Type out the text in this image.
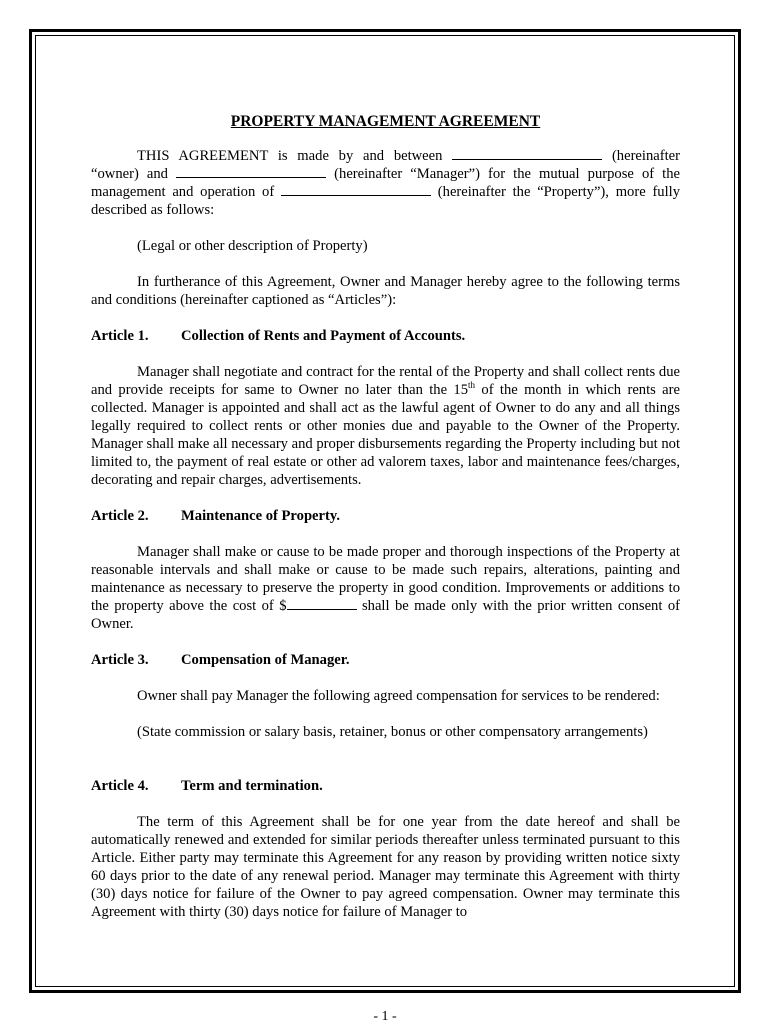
PROPERTY MANAGEMENT AGREEMENT

THIS AGREEMENT is made by and between	(hereinafter “owner) and	(hereinafter “Manager”) for the mutual purpose of the management and operation of	(hereinafter the “Property”), more fully described as follows:

(Legal or other description of Property)

In furtherance of this Agreement, Owner and Manager hereby agree to the following terms and conditions (hereinafter captioned as “Articles”):

Article 1. Collection of Rents and Payment of Accounts.

Manager shall negotiate and contract for the rental of the Property and shall collect rents due and provide receipts for same to Owner no later than the 15th of the month in which rents are collected. Manager is appointed and shall act as the lawful agent of Owner to do any and all things legally required to collect rents or other monies due and payable to the Owner of the Property. Manager shall make all necessary and proper disbursements regarding the Property including but not limited to, the payment of real estate or other ad valorem taxes, labor and maintenance fees/charges, decorating and repair charges, advertisements.

Article 2. Maintenance of Property.

Manager shall make or cause to be made proper and thorough inspections of the Property at reasonable intervals and shall make or cause to be made such repairs, alterations, painting and maintenance as necessary to preserve the property in good condition. Improvements or additions to the property above the cost of $	shall be made only with the prior written consent of Owner.

Article 3. Compensation of Manager.

Owner shall pay Manager the following agreed compensation for services to be rendered:

(State commission or salary basis, retainer, bonus or other compensatory arrangements)

Article 4. Term and termination.

The term of this Agreement shall be for one year from the date hereof and shall be automatically renewed and extended for similar periods thereafter unless terminated pursuant to this Article. Either party may terminate this Agreement for any reason by providing written notice sixty 60 days prior to the date of any renewal period. Manager may terminate this Agreement with thirty (30) days notice for failure of the Owner to pay agreed compensation. Owner may terminate this Agreement with thirty (30) days notice for failure of Manager to

- 1 -
